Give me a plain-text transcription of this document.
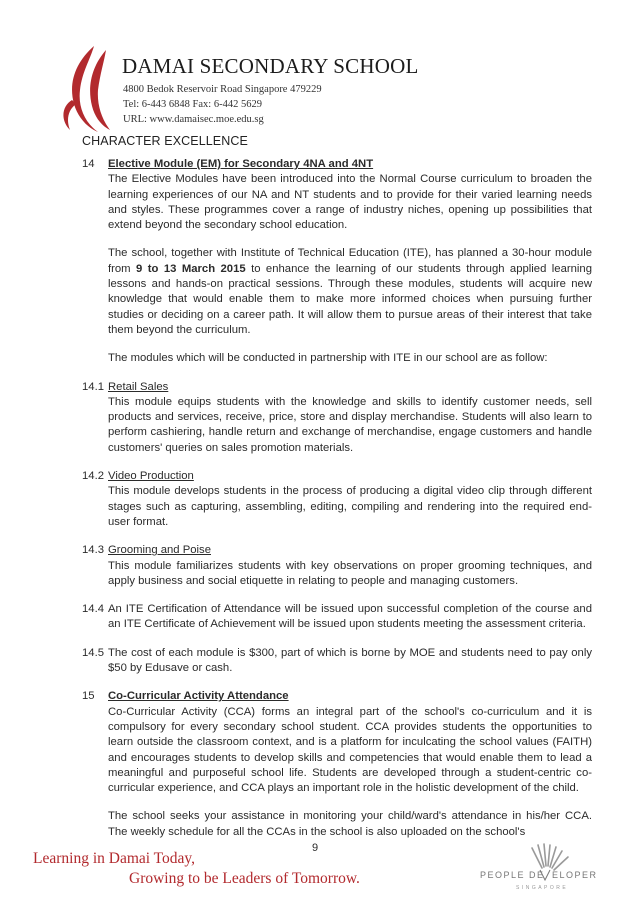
DAMAI SECONDARY SCHOOL
4800 Bedok Reservoir Road Singapore 479229
Tel: 6-443 6848 Fax: 6-442 5629
URL: www.damaisec.moe.edu.sg
CHARACTER EXCELLENCE
14 Elective Module (EM) for Secondary 4NA and 4NT
The Elective Modules have been introduced into the Normal Course curriculum to broaden the learning experiences of our NA and NT students and to provide for their varied learning needs and styles. These programmes cover a range of industry niches, opening up possibilities that extend beyond the secondary school education.
The school, together with Institute of Technical Education (ITE), has planned a 30-hour module from 9 to 13 March 2015 to enhance the learning of our students through applied learning lessons and hands-on practical sessions. Through these modules, students will acquire new knowledge that would enable them to make more informed choices when pursuing further studies or deciding on a career path. It will allow them to pursue areas of their interest that take them beyond the curriculum.
The modules which will be conducted in partnership with ITE in our school are as follow:
14.1 Retail Sales
This module equips students with the knowledge and skills to identify customer needs, sell products and services, receive, price, store and display merchandise. Students will also learn to perform cashiering, handle return and exchange of merchandise, engage customers and handle customers' queries on sales promotion materials.
14.2 Video Production
This module develops students in the process of producing a digital video clip through different stages such as capturing, assembling, editing, compiling and rendering into the required end-user format.
14.3 Grooming and Poise
This module familiarizes students with key observations on proper grooming techniques, and apply business and social etiquette in relating to people and managing customers.
14.4 An ITE Certification of Attendance will be issued upon successful completion of the course and an ITE Certificate of Achievement will be issued upon students meeting the assessment criteria.
14.5 The cost of each module is $300, part of which is borne by MOE and students need to pay only $50 by Edusave or cash.
15 Co-Curricular Activity Attendance
Co-Curricular Activity (CCA) forms an integral part of the school's co-curriculum and it is compulsory for every secondary school student. CCA provides students the opportunities to learn outside the classroom context, and is a platform for inculcating the school values (FAITH) and encourages students to develop skills and competencies that would enable them to lead a meaningful and purposeful school life. Students are developed through a student-centric co-curricular experience, and CCA plays an important role in the holistic development of the child.
The school seeks your assistance in monitoring your child/ward's attendance in his/her CCA. The weekly schedule for all the CCAs in the school is also uploaded on the school's
9
Learning in Damai Today,
Growing to be Leaders of Tomorrow.	PEOPLE DE ELOPER
SINGAPORE
